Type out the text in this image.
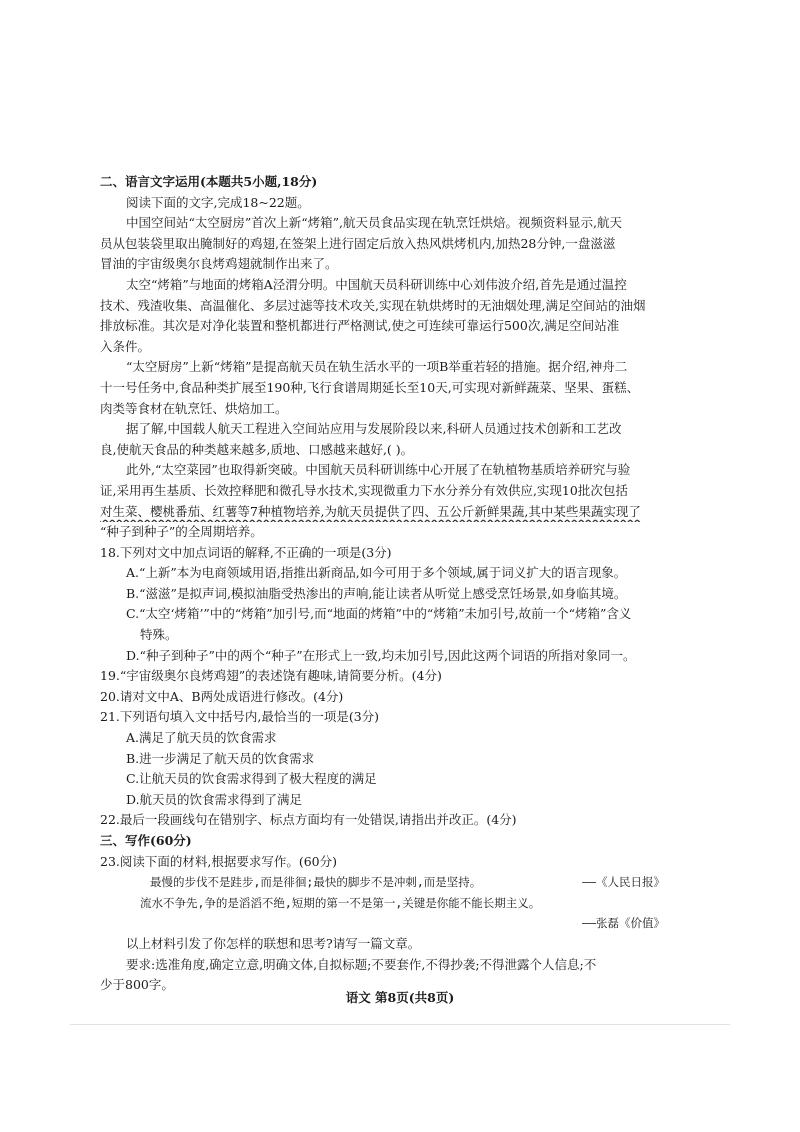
二、语言文字运用(本题共5小题,18分)
阅读下面的文字,完成18~22题。
中国空间站“太空厨房”首次上新“烤箱”,航天员食品实现在轨烹饪烘焙。视频资料显示,航天
员从包装袋里取出腌制好的鸡翅,在签架上进行固定后放入热风烘烤机内,加热28分钟,一盘滋滋
冒油的宇宙级奥尔良烤鸡翅就制作出来了。
太空“烤箱”与地面的烤箱A泾渭分明。中国航天员科研训练中心刘伟波介绍,首先是通过温控
技术、残渣收集、高温催化、多层过滤等技术攻关,实现在轨烘烤时的无油烟处理,满足空间站的油烟
排放标准。其次是对净化装置和整机都进行严格测试,使之可连续可靠运行500次,满足空间站准
入条件。
“太空厨房”上新“烤箱”是提高航天员在轨生活水平的一项B举重若轻的措施。据介绍,神舟二
十一号任务中,食品种类扩展至190种,飞行食谱周期延长至10天,可实现对新鲜蔬菜、坚果、蛋糕、
肉类等食材在轨烹饪、烘焙加工。
据了解,中国载人航天工程进入空间站应用与发展阶段以来,科研人员通过技术创新和工艺改
良,使航天食品的种类越来越多,质地、口感越来越好,( )。
此外,“太空菜园”也取得新突破。中国航天员科研训练中心开展了在轨植物基质培养研究与验
证,采用再生基质、长效控释肥和微孔导水技术,实现微重力下水分养分有效供应,实现10批次包括
对生菜、樱桃番茄、红薯等7种植物培养,为航天员提供了四、五公斤新鲜果蔬,其中某些果蔬实现了
“种子到种子”的全周期培养。
18.下列对文中加点词语的解释,不正确的一项是(3分)
A.“上新”本为电商领域用语,指推出新商品,如今可用于多个领域,属于词义扩大的语言现象。
B.“滋滋”是拟声词,模拟油脂受热渗出的声响,能让读者从听觉上感受烹饪场景,如身临其境。
C.“太空‘烤箱’”中的“烤箱”加引号,而“地面的烤箱”中的“烤箱”未加引号,故前一个“烤箱”含义
特殊。
D.“种子到种子”中的两个“种子”在形式上一致,均未加引号,因此这两个词语的所指对象同一。
19.“宇宙级奥尔良烤鸡翅”的表述饶有趣味,请简要分析。(4分)
20.请对文中A、B两处成语进行修改。(4分)
21.下列语句填入文中括号内,最恰当的一项是(3分)
A.满足了航天员的饮食需求
B.进一步满足了航天员的饮食需求
C.让航天员的饮食需求得到了极大程度的满足
D.航天员的饮食需求得到了满足
22.最后一段画线句在错别字、标点方面均有一处错误,请指出并改正。(4分)
三、写作(60分)
23.阅读下面的材料,根据要求写作。(60分)
最慢的步伐不是跬步,而是徘徊;最快的脚步不是冲刺,而是坚持。	——《人民日报》
流水不争先,争的是滔滔不绝,短期的第一不是第一,关键是你能不能长期主义。
——张磊《价值》
以上材料引发了你怎样的联想和思考?请写一篇文章。
要求:选准角度,确定立意,明确文体,自拟标题;不要套作,不得抄袭;不得泄露个人信息;不
少于800字。
语文 第8页(共8页)
